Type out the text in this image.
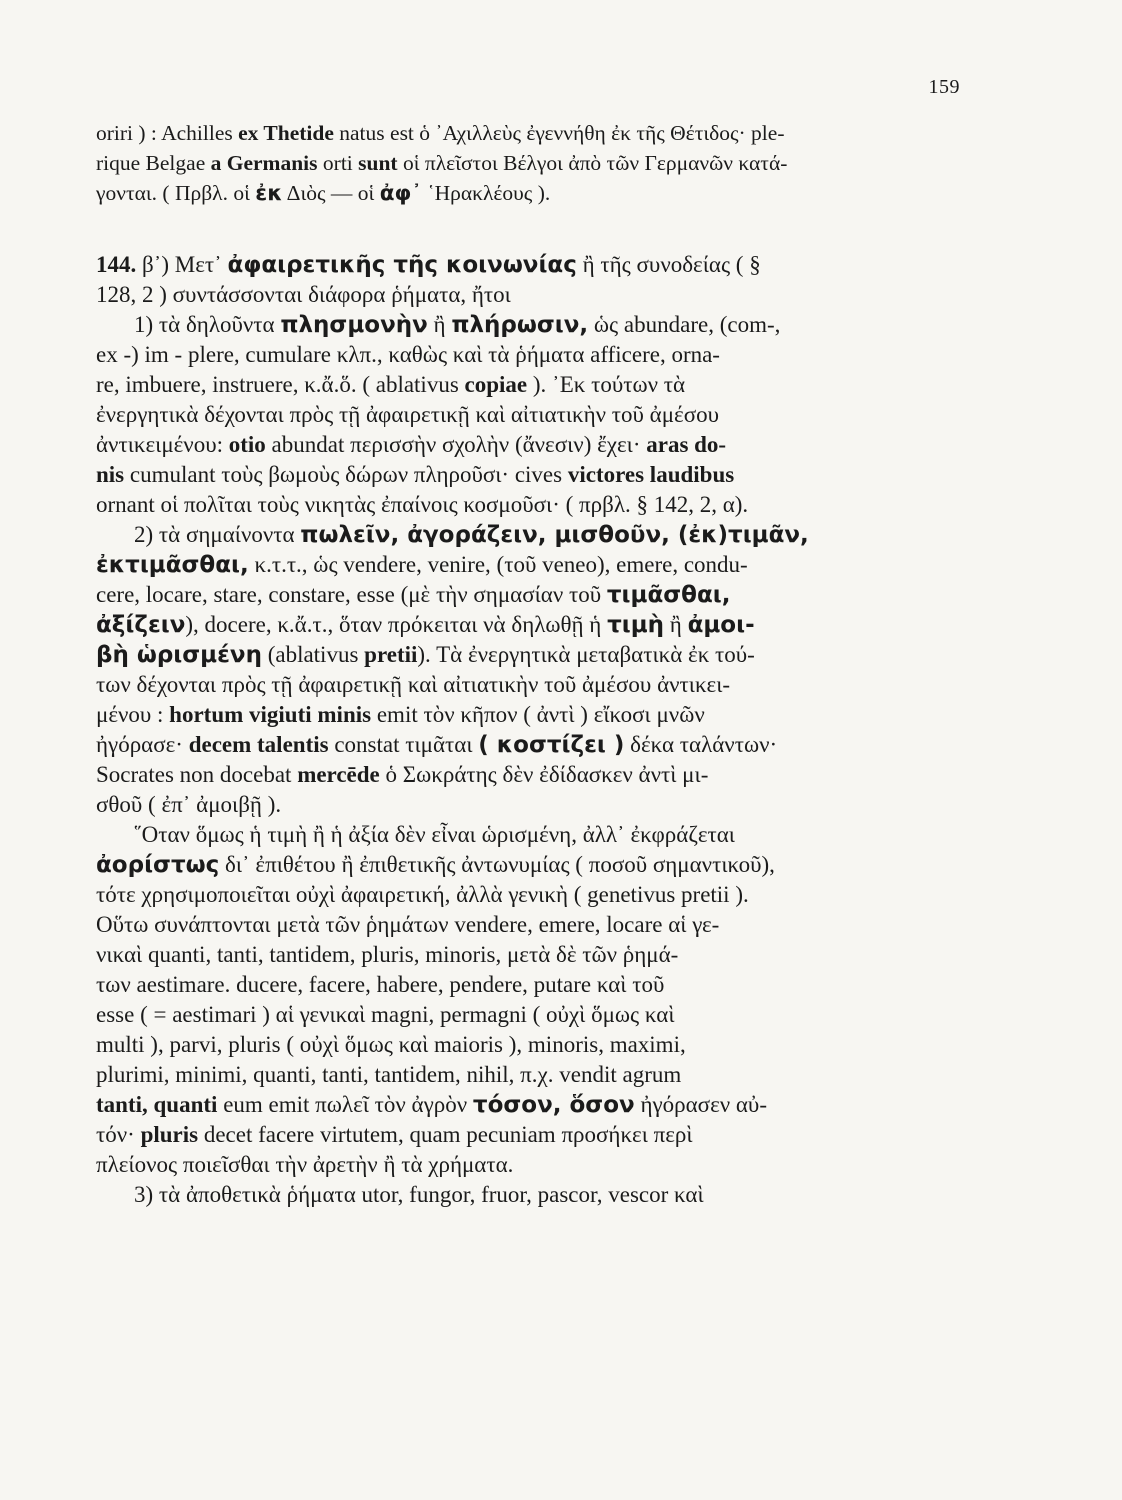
159
oriri ) : Achilles ex Thetide natus est ὁ ᾿Αχιλλεὺς ἐγεννήθη ἐκ τῆς Θέτιδος· ple-
rique Belgae a Germanis orti sunt οἱ πλεῖστοι Βέλγοι ἀπὸ τῶν Γερμανῶν κατά-
γονται. ( Πρβλ. οἱ ἐκ Διὸς — οἱ ἀφ᾽ ῾Ηρακλέους ).
144. β᾽) Μετ᾽ ἀφαιρετικῆς τῆς κοινωνίας ἢ τῆς συνοδείας ( §
128, 2 ) συντάσσονται διάφορα ῥήματα, ἤτοι
1) τὰ δηλοῦντα πλησμονὴν ἢ πλήρωσιν, ὡς abundare, (com-,
ex -) im - plere, cumulare κλπ., καθὼς καὶ τὰ ῥήματα afficere, orna-
re, imbuere, instruere, κ.ἄ.ὅ. ( ablativus copiae ). ᾿Εκ τούτων τὰ
ἐνεργητικὰ δέχονται πρὸς τῇ ἀφαιρετικῇ καὶ αἰτιατικὴν τοῦ ἀμέσου
ἀντικειμένου: otio abundat περισσὴν σχολὴν (ἄνεσιν) ἔχει· aras do-
nis cumulant τοὺς βωμοὺς δώρων πληροῦσι· cives victores laudibus
ornant οἱ πολῖται τοὺς νικητὰς ἐπαίνοις κοσμοῦσι· ( πρβλ. § 142, 2, α).
2) τὰ σημαίνοντα πωλεῖν, ἀγοράζειν, μισθοῦν, (ἐκ)τιμᾶν,
ἐκτιμᾶσθαι, κ.τ.τ., ὡς vendere, venire, (τοῦ veneo), emere, condu-
cere, locare, stare, constare, esse (μὲ τὴν σημασίαν τοῦ τιμᾶσθαι,
ἀξίζειν), docere, κ.ἄ.τ., ὅταν πρόκειται νὰ δηλωθῇ ἡ τιμὴ ἢ ἀμοι-
βὴ ὡρισμένη (ablativus pretii). Τὰ ἐνεργητικὰ μεταβατικὰ ἐκ τού-
των δέχονται πρὸς τῇ ἀφαιρετικῇ καὶ αἰτιατικὴν τοῦ ἀμέσου ἀντικει-
μένου : hortum vigiuti minis emit τὸν κῆπον ( ἀντὶ ) εἴκοσι μνῶν
ἠγόρασε· decem talentis constat τιμᾶται ( κοστίζει ) δέκα ταλάντων·
Socrates non docebat mercēde ὁ Σωκράτης δὲν ἐδίδασκεν ἀντὶ μι-
σθοῦ ( ἐπ᾽ ἀμοιβῇ ).
῞Οταν ὅμως ἡ τιμὴ ἢ ἡ ἀξία δὲν εἶναι ὡρισμένη, ἀλλ᾽ ἐκφράζεται
ἀορίστως δι᾽ ἐπιθέτου ἢ ἐπιθετικῆς ἀντωνυμίας ( ποσοῦ σημαντικοῦ),
τότε χρησιμοποιεῖται οὐχὶ ἀφαιρετική, ἀλλὰ γενικὴ ( genetivus pretii ).
Οὕτω συνάπτονται μετὰ τῶν ῥημάτων vendere, emere, locare αἱ γε-
νικαὶ quanti, tanti, tantidem, pluris, minoris, μετὰ δὲ τῶν ῥημά-
των aestimare. ducere, facere, habere, pendere, putare καὶ τοῦ
esse ( = aestimari ) αἱ γενικαὶ magni, permagni ( οὐχὶ ὅμως καὶ
multi ), parvi, pluris ( οὐχὶ ὅμως καὶ maioris ), minoris, maximi,
plurimi, minimi, quanti, tanti, tantidem, nihil, π.χ. vendit agrum
tanti, quanti eum emit πωλεῖ τὸν ἀγρὸν τόσον, ὅσον ἠγόρασεν αὐ-
τόν· pluris decet facere virtutem, quam pecuniam προσήκει περὶ
πλείονος ποιεῖσθαι τὴν ἀρετὴν ἢ τὰ χρήματα.
3) τὰ ἀποθετικὰ ῥήματα utor, fungor, fruor, pascor, vescor καὶ
